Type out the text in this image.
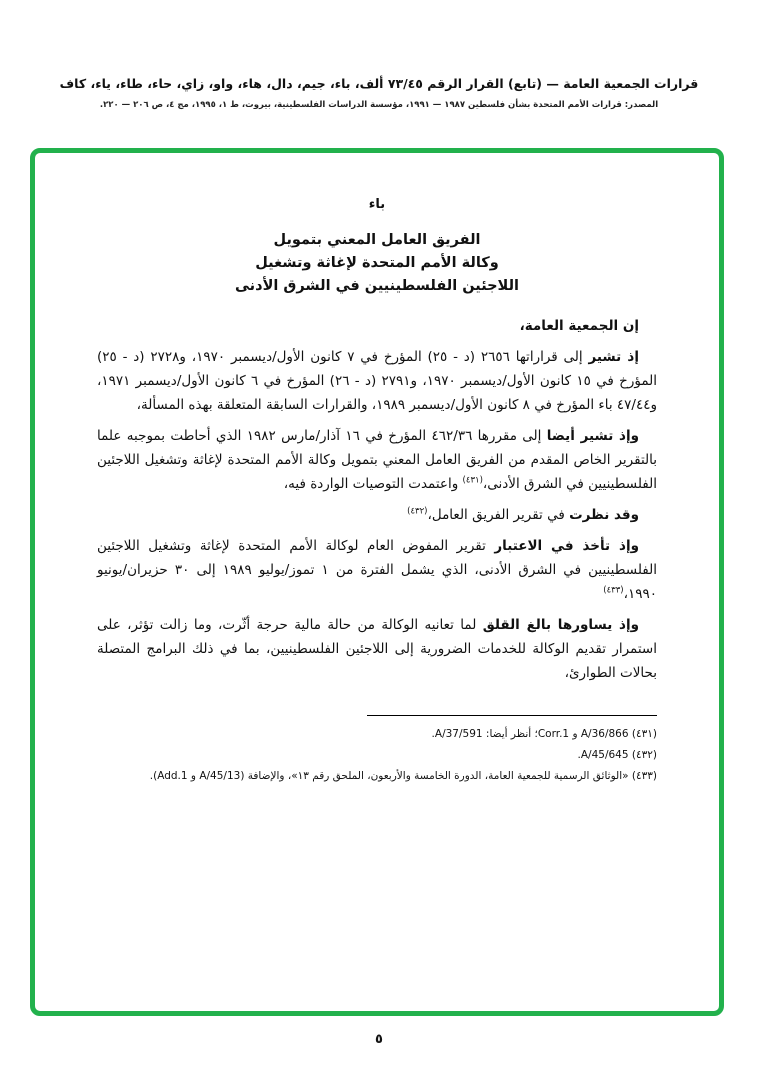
قرارات الجمعية العامة — (تابع) القرار الرقم ٧٣/٤٥ ألف، باء، جيم، دال، هاء، واو، زاي، حاء، طاء، ياء، كاف
المصدر: قرارات الأمم المتحدة بشأن فلسطين ١٩٨٧ — ١٩٩١، مؤسسة الدراسات الفلسطينية، بيروت، ط ١، ١٩٩٥، مج ٤، ص ٢٠٦ — ٢٢٠.
باء
الفريق العامل المعني بتمويل
وكالة الأمم المتحدة لإغاثة وتشغيل
اللاجئين الفلسطينيين في الشرق الأدنى

إن الجمعية العامة،

إذ تشير إلى قراراتها ٢٦٥٦ (د - ٢٥) المؤرخ في ٧ كانون الأول/ديسمبر ١٩٧٠، و٢٧٢٨ (د - ٢٥) المؤرخ في ١٥ كانون الأول/ديسمبر ١٩٧٠، و٢٧٩١ (د - ٢٦) المؤرخ في ٦ كانون الأول/ديسمبر ١٩٧١، و٤٧/٤٤ باء المؤرخ في ٨ كانون الأول/ديسمبر ١٩٨٩، والقرارات السابقة المتعلقة بهذه المسألة،

وإذ تشير أيضا إلى مقررها ٤٦٢/٣٦ المؤرخ في ١٦ آذار/مارس ١٩٨٢ الذي أحاطت بموجبه علما بالتقرير الخاص المقدم من الفريق العامل المعني بتمويل وكالة الأمم المتحدة لإغاثة وتشغيل اللاجئين الفلسطينيين في الشرق الأدنى،$^{(٤٣١)}$ واعتمدت التوصيات الواردة فيه،

وقد نظرت في تقرير الفريق العامل،$^{(٤٣٢)}$

وإذ تأخذ في الاعتبار تقرير المفوض العام لوكالة الأمم المتحدة لإغاثة وتشغيل اللاجئين الفلسطينيين في الشرق الأدنى، الذي يشمل الفترة من ١ تموز/يوليو ١٩٨٩ إلى ٣٠ حزيران/يونيو ١٩٩٠،$^{(٤٣٣)}$

وإذ يساورها بالغ القلق لما تعانيه الوكالة من حالة مالية حرجة أثّرت، وما زالت تؤثر، على استمرار تقديم الوكالة للخدمات الضرورية إلى اللاجئين الفلسطينيين، بما في ذلك البرامج المتصلة بحالات الطوارئ،

(٤٣١) A/36/866 و Corr.1؛ أنظر أيضا: A/37/591.

(٤٣٢) A/45/645.

(٤٣٣) «الوثائق الرسمية للجمعية العامة، الدورة الخامسة والأربعون، الملحق رقم ١٣»، والإضافة (A/45/13 و Add.1).

٥
